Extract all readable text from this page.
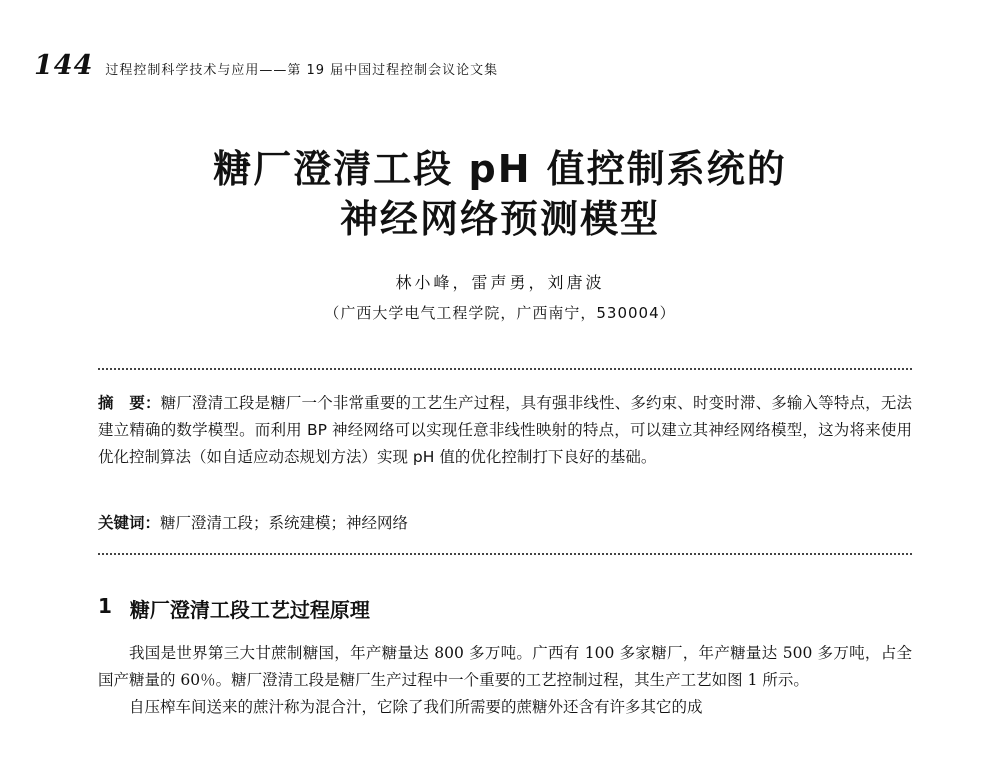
144 过程控制科学技术与应用——第 19 届中国过程控制会议论文集
糖厂澄清工段 pH 值控制系统的
神经网络预测模型
林小峰，雷声勇，刘唐波
（广西大学电气工程学院，广西南宁，530004）
摘　要：糖厂澄清工段是糖厂一个非常重要的工艺生产过程，具有强非线性、多约束、时变时滞、多输入等特点，无法建立精确的数学模型。而利用 BP 神经网络可以实现任意非线性映射的特点，可以建立其神经网络模型，这为将来使用优化控制算法（如自适应动态规划方法）实现 pH 值的优化控制打下良好的基础。
关键词：糖厂澄清工段；系统建模；神经网络
1 糖厂澄清工段工艺过程原理

我国是世界第三大甘蔗制糖国，年产糖量达 800 多万吨。广西有 100 多家糖厂，年产糖量达 500 多万吨，占全国产糖量的 60％。糖厂澄清工段是糖厂生产过程中一个重要的工艺控制过程，其生产工艺如图 1 所示。

自压榨车间送来的蔗汁称为混合汁，它除了我们所需要的蔗糖外还含有许多其它的成
